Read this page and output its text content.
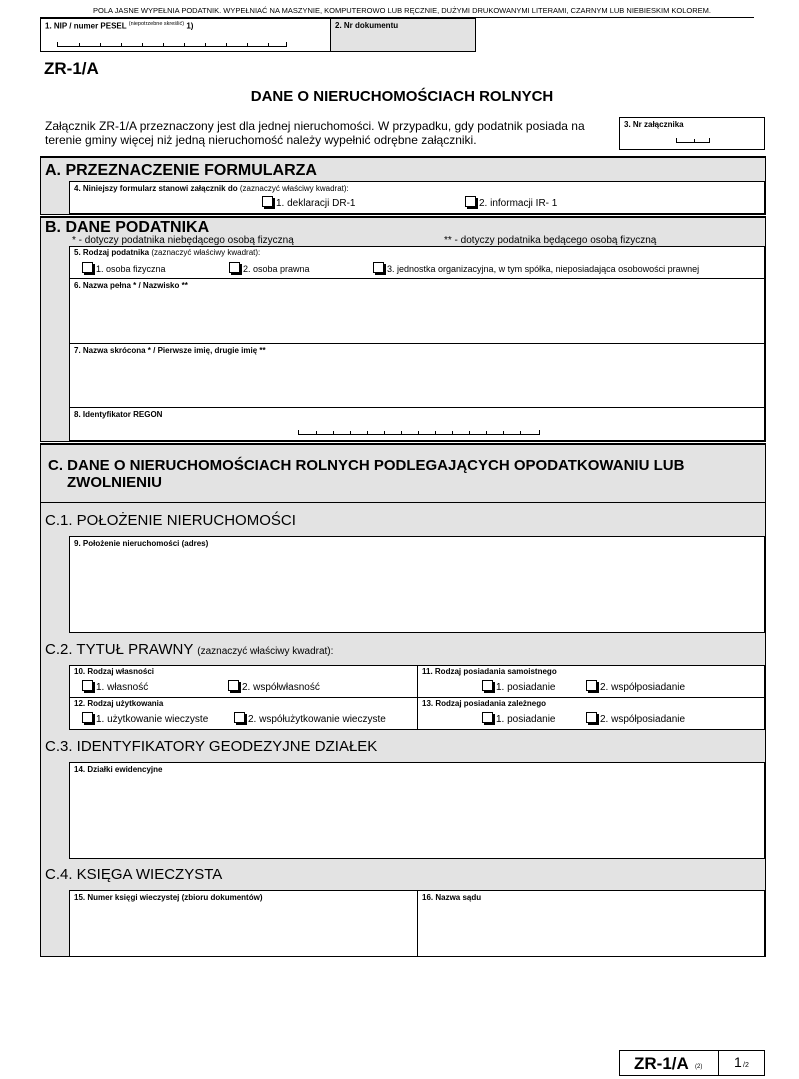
POLA JASNE WYPEŁNIA PODATNIK. WYPEŁNIAĆ NA MASZYNIE, KOMPUTEROWO LUB RĘCZNIE, DUŻYMI DRUKOWANYMI LITERAMI, CZARNYM LUB NIEBIESKIM KOLOREM.
1. NIP / numer PESEL $^{(niepotrzebne skreślić)}$ 1)	2. Nr dokumentu
ZR-1/A
DANE O NIERUCHOMOŚCIACH ROLNYCH
Załącznik ZR-1/A przeznaczony jest dla jednej nieruchomości. W przypadku, gdy podatnik posiada na terenie gminy więcej niż jedną nieruchomość należy wypełnić odrębne załączniki.
3. Nr załącznika
A. PRZEZNACZENIE FORMULARZA
4. Niniejszy formularz stanowi załącznik do (zaznaczyć właściwy kwadrat):
1. deklaracji DR-1	2. informacji IR- 1
B. DANE PODATNIKA
* - dotyczy podatnika niebędącego osobą fizyczną	** - dotyczy podatnika będącego osobą fizyczną
5. Rodzaj podatnika (zaznaczyć właściwy kwadrat):
1. osoba fizyczna	2. osoba prawna	3. jednostka organizacyjna, w tym spółka, nieposiadająca osobowości prawnej
6. Nazwa pełna * / Nazwisko **
7. Nazwa skrócona * / Pierwsze imię, drugie imię **
8. Identyfikator REGON
C. DANE O NIERUCHOMOŚCIACH ROLNYCH PODLEGAJĄCYCH OPODATKOWANIU LUB
ZWOLNIENIU
C.1. POŁOŻENIE NIERUCHOMOŚCI
9. Położenie nieruchomości (adres)
C.2. TYTUŁ PRAWNY (zaznaczyć właściwy kwadrat):
10. Rodzaj własności
1. własność	2. współwłasność
11. Rodzaj posiadania samoistnego
1. posiadanie	2. współposiadanie
12. Rodzaj użytkowania
1. użytkowanie wieczyste	2. współużytkowanie wieczyste
13. Rodzaj posiadania zależnego
1. posiadanie	2. współposiadanie
C.3. IDENTYFIKATORY GEODEZYJNE DZIAŁEK
14. Działki ewidencyjne
C.4. KSIĘGA WIECZYSTA
15. Numer księgi wieczystej (zbioru dokumentów)	16. Nazwa sądu
ZR-1/A (2) 1 /2
